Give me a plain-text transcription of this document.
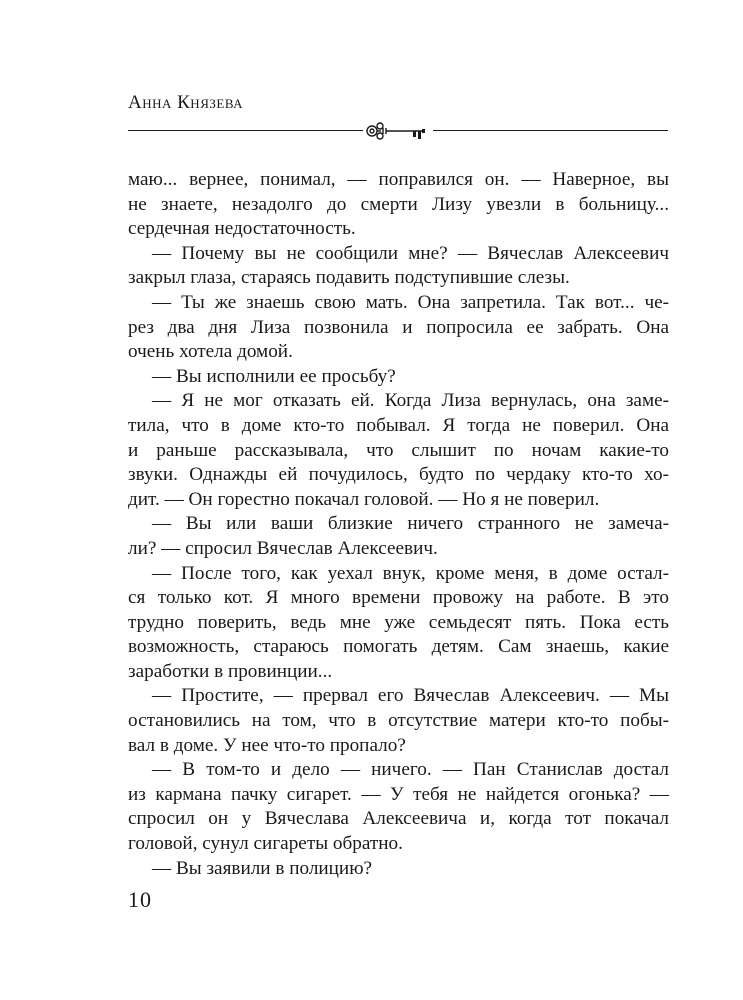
Анна Князева

маю... вернее, понимал, — поправился он. — Наверное, вы

не знаете, незадолго до смерти Лизу увезли в больницу...

сердечная недостаточность.

— Почему вы не сообщили мне? — Вячеслав Алексеевич

закрыл глаза, стараясь подавить подступившие слезы.

— Ты же знаешь свою мать. Она запретила. Так вот... че-

рез два дня Лиза позвонила и попросила ее забрать. Она

очень хотела домой.

— Вы исполнили ее просьбу?

— Я не мог отказать ей. Когда Лиза вернулась, она заме-

тила, что в доме кто-то побывал. Я тогда не поверил. Она

и раньше рассказывала, что слышит по ночам какие-то

звуки. Однажды ей почудилось, будто по чердаку кто-то хо-

дит. — Он горестно покачал головой. — Но я не поверил.

— Вы или ваши близкие ничего странного не замеча-

ли? — спросил Вячеслав Алексеевич.

— После того, как уехал внук, кроме меня, в доме остал-

ся только кот. Я много времени провожу на работе. В это

трудно поверить, ведь мне уже семьдесят пять. Пока есть

возможность, стараюсь помогать детям. Сам знаешь, какие

заработки в провинции...

— Простите, — прервал его Вячеслав Алексеевич. — Мы

остановились на том, что в отсутствие матери кто-то побы-

вал в доме. У нее что-то пропало?

— В том-то и дело — ничего. — Пан Станислав достал

из кармана пачку сигарет. — У тебя не найдется огонька? —

спросил он у Вячеслава Алексеевича и, когда тот покачал

головой, сунул сигареты обратно.

— Вы заявили в полицию?

10
